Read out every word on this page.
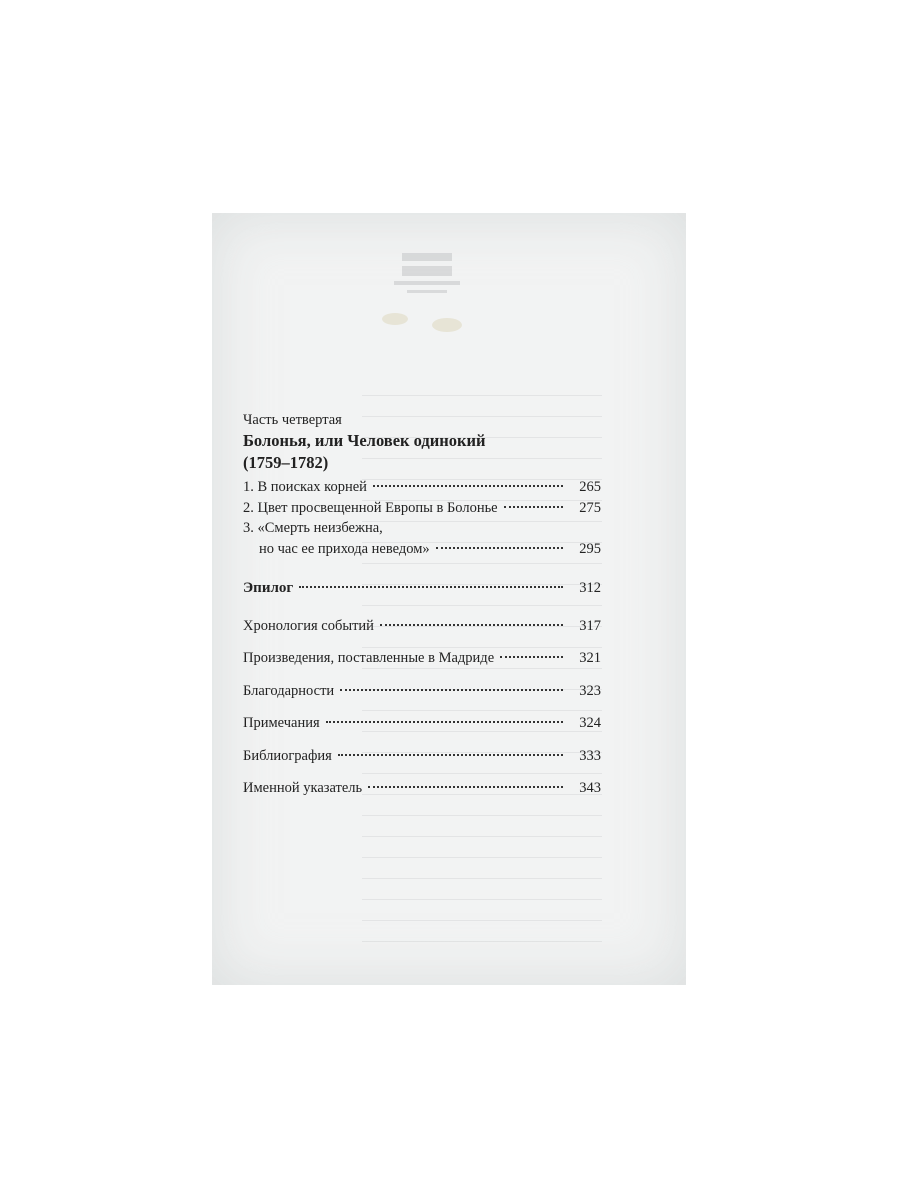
Часть четвертая

Болонья, или Человек одинокий

(1759–1782)

1. В поисках корней	265
2. Цвет просвещенной Европы в Болонье	275
3. «Смерть неизбежна,
но час ее прихода неведом»	295
Эпилог	312
Хронология событий	317
Произведения, поставленные в Мадриде	321
Благодарности	323
Примечания	324
Библиография	333
Именной указатель	343
